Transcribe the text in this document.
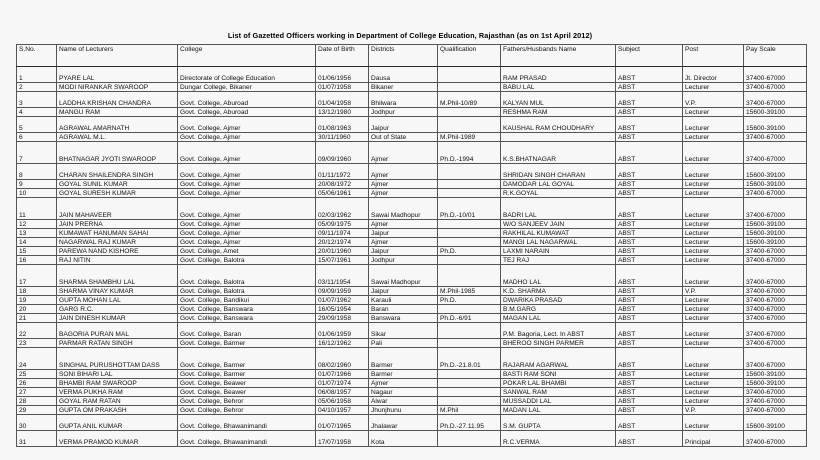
List of Gazetted Officers working in Department of College Education, Rajasthan (as on 1st April 2012)
S.No.	Name of Lecturers	College	Date of Birth	Districts	Qualification	Fathers/Husbands Name	Subject	Post	Pay Scale
1	PYARE LAL	Directorate of College Education	01/06/1956	Dausa		RAM PRASAD	ABST	Jt. Director	37400-67000
2	MODI NIRANKAR SWAROOP	Dungar College, Bikaner	01/07/1958	Bikaner		BABU LAL	ABST	Lecturer	37400-67000
3	LADDHA KRISHAN CHANDRA	Govt. College, Aburoad	01/04/1958	Bhilwara	M.Phil-10/89	KALYAN MUL	ABST	V.P.	37400-67000
4	MANGU RAM	Govt. College, Aburoad	13/12/1980	Jodhpur		RESHMA RAM	ABST	Lecturer	15600-39100
5	AGRAWAL AMARNATH	Govt. College, Ajmer	01/08/1963	Jaipur		KAUSHAL RAM CHOUDHARY	ABST	Lecturer	15600-39100
6	AGRAWAL M.L.	Govt. College, Ajmer	30/11/1960	Out of State	M.Phil-1989		ABST	Lecturer	37400-67000
7	BHATNAGAR JYOTI SWAROOP	Govt. College, Ajmer	09/09/1960	Ajmer	Ph.D.-1994	K.S.BHATNAGAR	ABST	Lecturer	37400-67000
8	CHARAN SHAILENDRA SINGH	Govt. College, Ajmer	01/11/1972	Ajmer		SHRIDAN SINGH CHARAN	ABST	Lecturer	15600-39100
9	GOYAL SUNIL KUMAR	Govt. College, Ajmer	20/08/1972	Ajmer		DAMODAR LAL GOYAL	ABST	Lecturer	15600-39100
10	GOYAL SURESH KUMAR	Govt. College, Ajmer	05/06/1961	Ajmer		R.K.GOYAL	ABST	Lecturer	37400-67000
11	JAIN MAHAVEER	Govt. College, Ajmer	02/03/1962	Sawai Madhopur	Ph.D.-10/01	BADRI LAL	ABST	Lecturer	37400-67000
12	JAIN PRERNA	Govt. College, Ajmer	05/09/1975	Ajmer		W/O SANJEEV JAIN	ABST	Lecturer	15600-39100
13	KUMAWAT HANUMAN SAHAI	Govt. College, Ajmer	09/11/1974	Jaipur		RAKHILAL KUMAWAT	ABST	Lecturer	15600-39100
14	NAGARWAL RAJ KUMAR	Govt. College, Ajmer	20/12/1974	Ajmer		MANGI LAL NAGARWAL	ABST	Lecturer	15600-39100
15	PAREWA NAND KISHORE	Govt. College, Amet	20/01/1960	Jaipur	Ph.D.	LAXMI NARAIN	ABST	Lecturer	37400-67000
16	RAJ NITIN	Govt. College, Balotra	15/07/1961	Jodhpur		TEJ RAJ	ABST	Lecturer	37400-67000
17	SHARMA SHAMBHU LAL	Govt. College, Balotra	03/11/1954	Sawai Madhopur		MADHO LAL	ABST	Lecturer	37400-67000
18	SHARMA VINAY KUMAR	Govt. College, Balotra	09/09/1959	Jaipur	M.Phil-1985	K.D. SHARMA	ABST	V.P.	37400-67000
19	GUPTA MOHAN LAL	Govt. College, Bandikui	01/07/1962	Karauli	Ph.D.	DWARIKA PRASAD	ABST	Lecturer	37400-67000
20	GARG R.C.	Govt. College, Banswara	16/05/1954	Baran		B.M.GARG	ABST	Lecturer	37400-67000
21	JAIN DINESH KUMAR	Govt. College, Banswara	29/09/1958	Banswara	Ph.D.-6/91	MAGAN LAL	ABST	Lecturer	37400-67000
22	BAGORIA PURAN MAL	Govt. College, Baran	01/06/1959	Sikar		P.M. Bagoria, Lect. In ABST	ABST	Lecturer	37400-67000
23	PARMAR RATAN SINGH	Govt. College, Barmer	16/12/1962	Pali		BHEROO SINGH PARMER	ABST	Lecturer	37400-67000
24	SINGHAL PURUSHOTTAM DASS	Govt. College, Barmer	08/02/1960	Barmer	Ph.D.-21.8.01	RAJARAM AGARWAL	ABST	Lecturer	37400-67000
25	SONI BIHARI LAL	Govt. College, Barmer	01/07/1966	Barmer		BASTI RAM SONI	ABST	Lecturer	15600-39100
26	BHAMBI RAM SWAROOP	Govt. College, Beawer	01/07/1974	Ajmer		POKAR LAL BHAMBI	ABST	Lecturer	15600-39100
27	VERMA PUKHA RAM	Govt. College, Beawer	06/08/1957	Nagaur		SANWAL RAM	ABST	Lecturer	37400-67000
28	GOYAL RAM RATAN	Govt. College, Behror	05/06/1958	Alwar		MUSSADDI LAL	ABST	Lecturer	37400-67000
29	GUPTA OM PRAKASH	Govt. College, Behror	04/10/1957	Jhunjhunu	M.Phil	MADAN LAL	ABST	V.P.	37400-67000
30	GUPTA ANIL KUMAR	Govt. College, Bhawanimandi	01/07/1965	Jhalawar	Ph.D.-27.11.95	S.M. GUPTA	ABST	Lecturer	15600-39100
31	VERMA PRAMOD KUMAR	Govt. College, Bhawanimandi	17/07/1958	Kota		R.C.VERMA	ABST	Principal	37400-67000
